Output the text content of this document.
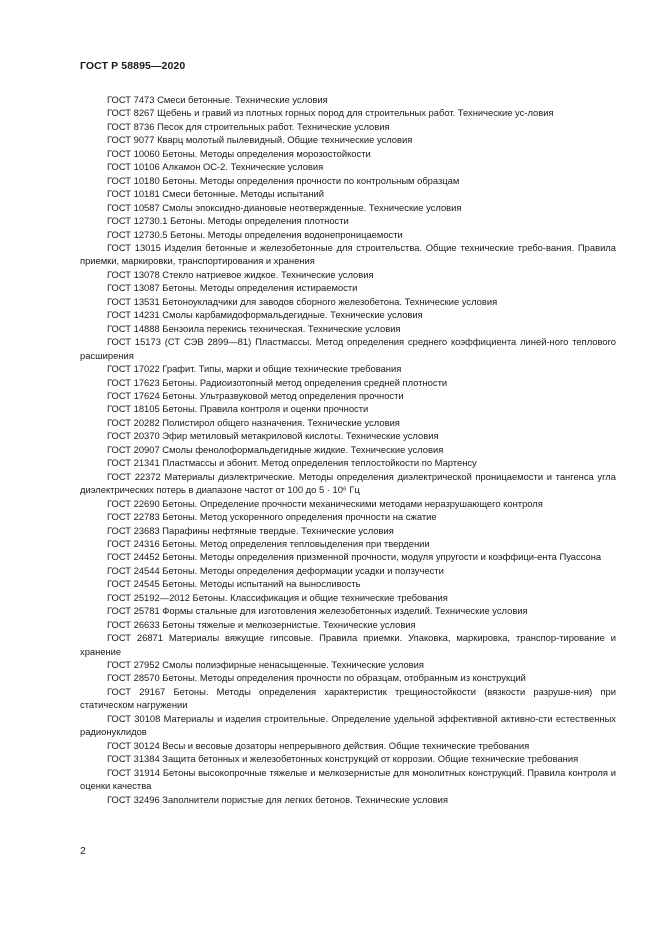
ГОСТ Р 58895—2020

ГОСТ 7473 Смеси бетонные. Технические условия

ГОСТ 8267 Щебень и гравий из плотных горных пород для строительных работ. Технические ус-ловия

ГОСТ 8736 Песок для строительных работ. Технические условия

ГОСТ 9077 Кварц молотый пылевидный. Общие технические условия

ГОСТ 10060 Бетоны. Методы определения морозостойкости

ГОСТ 10106 Алкамон ОС-2. Технические условия

ГОСТ 10180 Бетоны. Методы определения прочности по контрольным образцам

ГОСТ 10181 Смеси бетонные. Методы испытаний

ГОСТ 10587 Смолы эпоксидно-диановые неотвержденные. Технические условия

ГОСТ 12730.1 Бетоны. Методы определения плотности

ГОСТ 12730.5 Бетоны. Методы определения водонепроницаемости

ГОСТ 13015 Изделия бетонные и железобетонные для строительства. Общие технические требо-вания. Правила приемки, маркировки, транспортирования и хранения

ГОСТ 13078 Стекло натриевое жидкое. Технические условия

ГОСТ 13087 Бетоны. Методы определения истираемости

ГОСТ 13531 Бетоноукладчики для заводов сборного железобетона. Технические условия

ГОСТ 14231 Смолы карбамидоформальдегидные. Технические условия

ГОСТ 14888 Бензоила перекись техническая. Технические условия

ГОСТ 15173 (СТ СЭВ 2899—81) Пластмассы. Метод определения среднего коэффициента линей-ного теплового расширения

ГОСТ 17022 Графит. Типы, марки и общие технические требования

ГОСТ 17623 Бетоны. Радиоизотопный метод определения средней плотности

ГОСТ 17624 Бетоны. Ультразвуковой метод определения прочности

ГОСТ 18105 Бетоны. Правила контроля и оценки прочности

ГОСТ 20282 Полистирол общего назначения. Технические условия

ГОСТ 20370 Эфир метиловый метакриловой кислоты. Технические условия

ГОСТ 20907 Смолы фенолоформальдегидные жидкие. Технические условия

ГОСТ 21341 Пластмассы и эбонит. Метод определения теплостойкости по Мартенсу

ГОСТ 22372 Материалы диэлектрические. Методы определения диэлектрической проницаемости и тангенса угла диэлектрических потерь в диапазоне частот от 100 до 5 · 10⁶ Гц

ГОСТ 22690 Бетоны. Определение прочности механическими методами неразрушающего контроля

ГОСТ 22783 Бетоны. Метод ускоренного определения прочности на сжатие

ГОСТ 23683 Парафины нефтяные твердые. Технические условия

ГОСТ 24316 Бетоны. Метод определения тепловыделения при твердении

ГОСТ 24452 Бетоны. Методы определения призменной прочности, модуля упругости и коэффици-ента Пуассона

ГОСТ 24544 Бетоны. Методы определения деформации усадки и ползучести

ГОСТ 24545 Бетоны. Методы испытаний на выносливость

ГОСТ 25192—2012 Бетоны. Классификация и общие технические требования

ГОСТ 25781 Формы стальные для изготовления железобетонных изделий. Технические условия

ГОСТ 26633 Бетоны тяжелые и мелкозернистые. Технические условия

ГОСТ 26871 Материалы вяжущие гипсовые. Правила приемки. Упаковка, маркировка, транспор-тирование и хранение

ГОСТ 27952 Смолы полиэфирные ненасыщенные. Технические условия

ГОСТ 28570 Бетоны. Методы определения прочности по образцам, отобранным из конструкций

ГОСТ 29167 Бетоны. Методы определения характеристик трещиностойкости (вязкости разруше-ния) при статическом нагружении

ГОСТ 30108 Материалы и изделия строительные. Определение удельной эффективной активно-сти естественных радионуклидов

ГОСТ 30124 Весы и весовые дозаторы непрерывного действия. Общие технические требования

ГОСТ 31384 Защита бетонных и железобетонных конструкций от коррозии. Общие технические требования

ГОСТ 31914 Бетоны высокопрочные тяжелые и мелкозернистые для монолитных конструкций. Правила контроля и оценки качества

ГОСТ 32496 Заполнители пористые для легких бетонов. Технические условия

2
